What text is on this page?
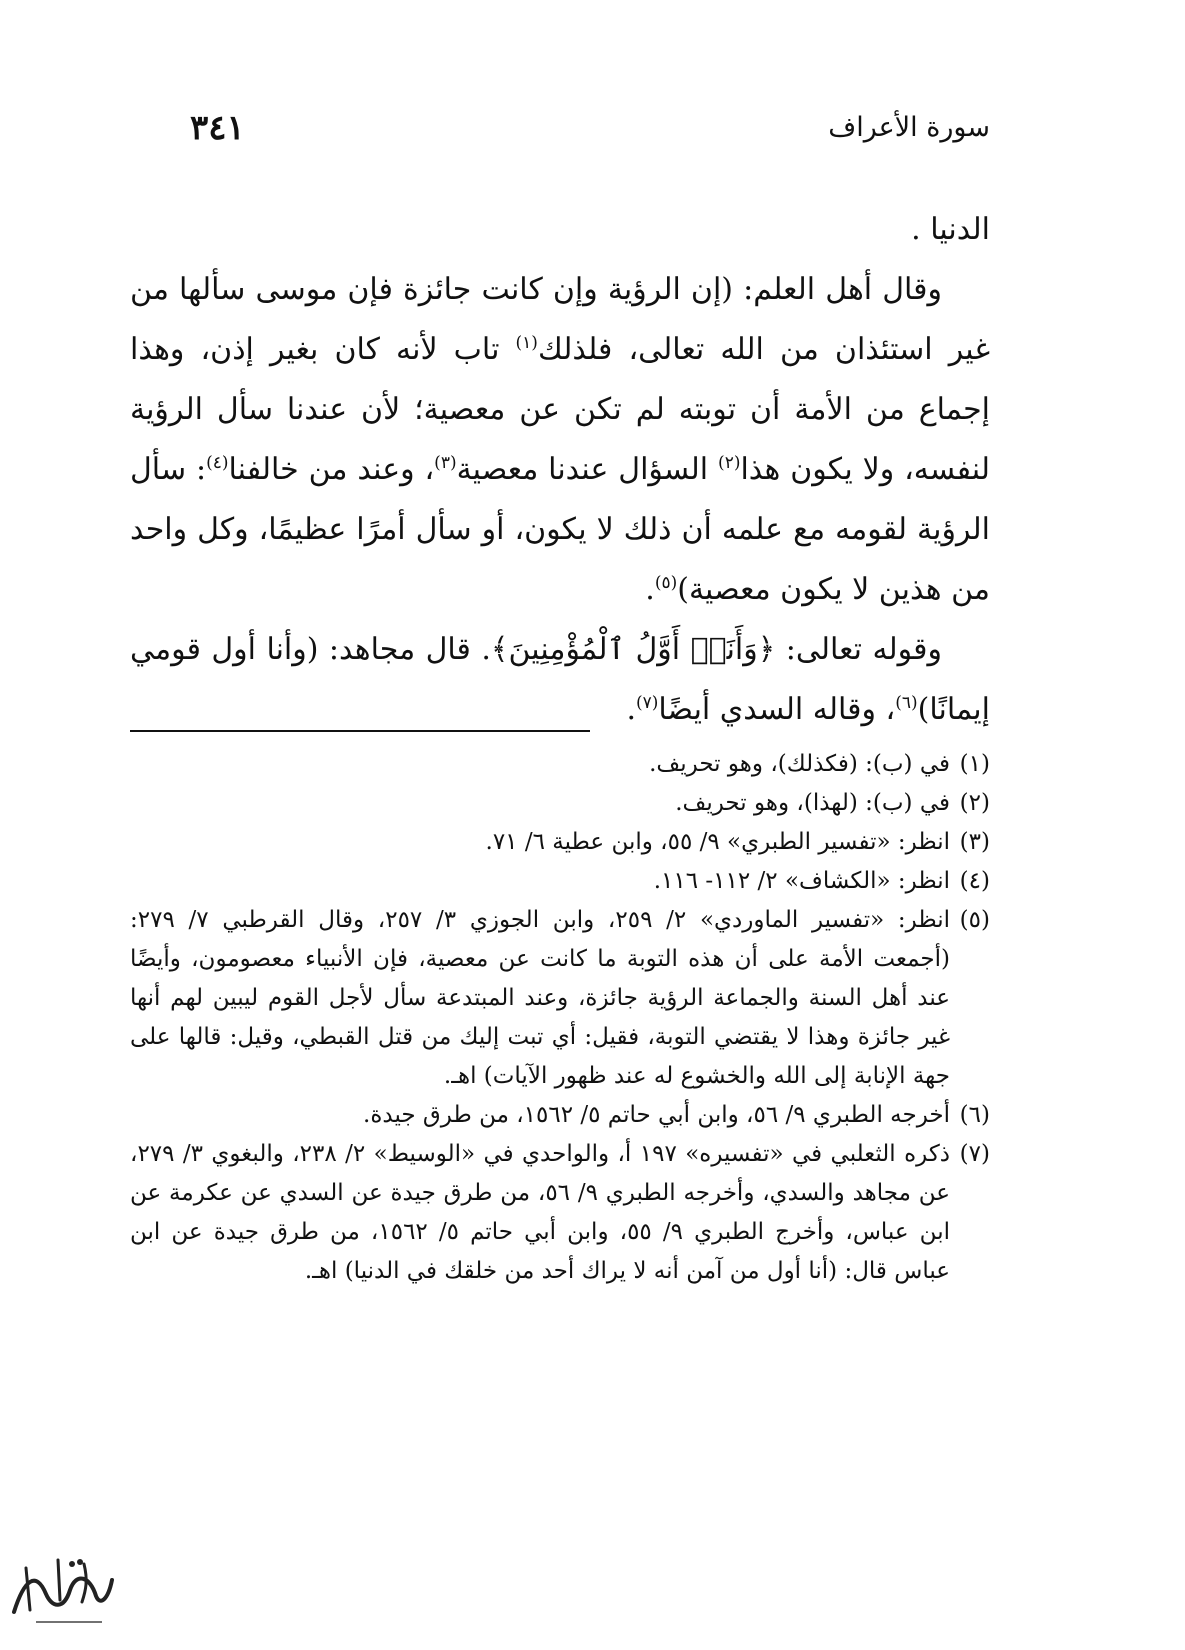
٣٤١	سورة الأعراف

الدنيا .

وقال أهل العلم: (إن الرؤية وإن كانت جائزة فإن موسى سألها من غير استئذان من الله تعالى، فلذلك$^{(١)}$ تاب لأنه كان بغير إذن، وهذا إجماع من الأمة أن توبته لم تكن عن معصية؛ لأن عندنا سأل الرؤية لنفسه، ولا يكون هذا$^{(٢)}$ السؤال عندنا معصية$^{(٣)}$، وعند من خالفنا$^{(٤)}$: سأل الرؤية لقومه مع علمه أن ذلك لا يكون، أو سأل أمرًا عظيمًا، وكل واحد من هذين لا يكون معصية)$^{(٥)}$.

وقوله تعالى: ﴿وَأَنَا۠ أَوَّلُ ٱلْمُؤْمِنِينَ﴾. قال مجاهد: (وأنا أول قومي إيمانًا)$^{(٦)}$، وقاله السدي أيضًا$^{(٧)}$.

(١)
في (ب): (فكذلك)، وهو تحريف.
(٢)
في (ب): (لهذا)، وهو تحريف.
(٣)
انظر: «تفسير الطبري» ٩/ ٥٥، وابن عطية ٦/ ٧١.
(٤)
انظر: «الكشاف» ٢/ ١١٢- ١١٦.
(٥)
انظر: «تفسير الماوردي» ٢/ ٢٥٩، وابن الجوزي ٣/ ٢٥٧، وقال القرطبي ٧/ ٢٧٩: (أجمعت الأمة على أن هذه التوبة ما كانت عن معصية، فإن الأنبياء معصومون، وأيضًا عند أهل السنة والجماعة الرؤية جائزة، وعند المبتدعة سأل لأجل القوم ليبين لهم أنها غير جائزة وهذا لا يقتضي التوبة، فقيل: أي تبت إليك من قتل القبطي، وقيل: قالها على جهة الإنابة إلى الله والخشوع له عند ظهور الآيات) اهـ.
(٦)
أخرجه الطبري ٩/ ٥٦، وابن أبي حاتم ٥/ ١٥٦٢، من طرق جيدة.
(٧)
ذكره الثعلبي في «تفسيره» ١٩٧ أ، والواحدي في «الوسيط» ٢/ ٢٣٨، والبغوي ٣/ ٢٧٩، عن مجاهد والسدي، وأخرجه الطبري ٩/ ٥٦، من طرق جيدة عن السدي عن عكرمة عن ابن عباس، وأخرج الطبري ٩/ ٥٥، وابن أبي حاتم ٥/ ١٥٦٢، من طرق جيدة عن ابن عباس قال: (أنا أول من آمن أنه لا يراك أحد من خلقك في الدنيا) اهـ.
